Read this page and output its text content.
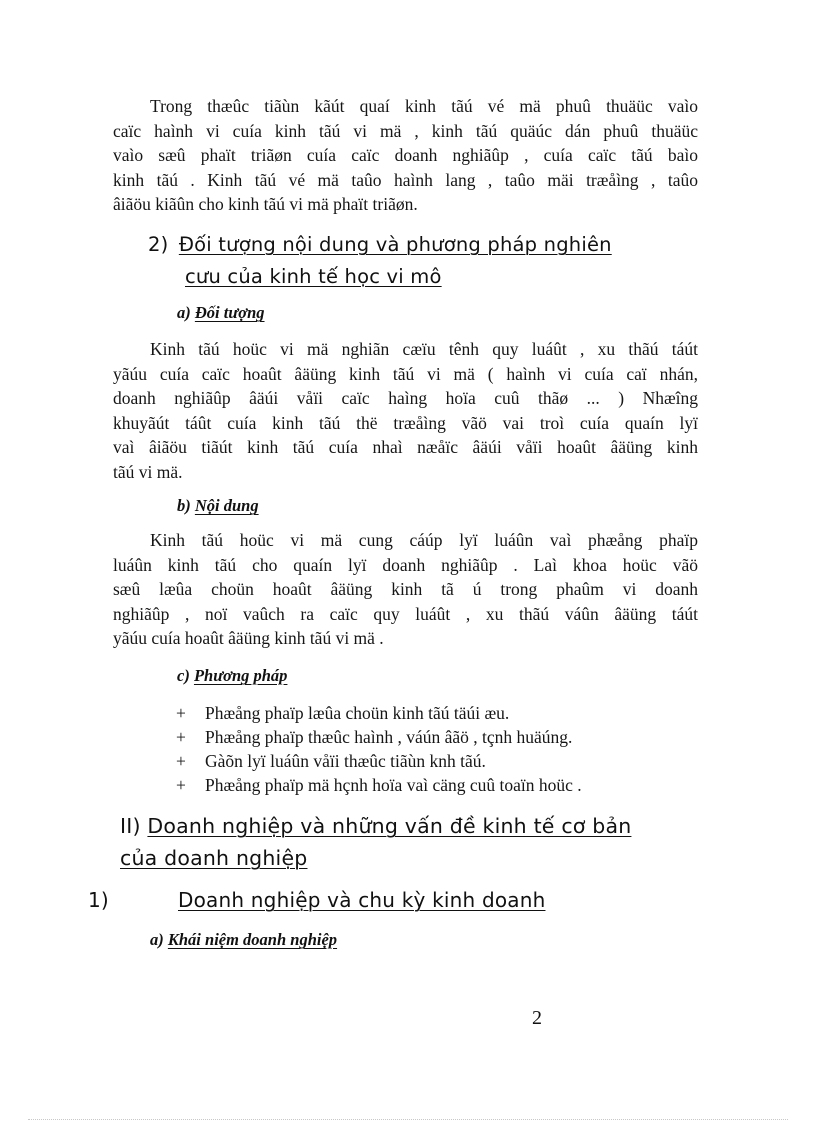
Trong thæûc tiãùn kãút quaí kinh tãú vé mä phuû thuäüc vaìo
caïc haình vi cuía kinh tãú vi mä , kinh tãú quäúc dán phuû thuäüc
vaìo sæû phaït triãøn cuía caïc doanh nghiãûp , cuía caïc tãú baìo
kinh tãú . Kinh tãú vé mä taûo haình lang , taûo mäi træåìng , taûo
âiãöu kiãûn cho kinh tãú vi mä phaït triãøn.
2) Đối tượng nội dung và phương pháp nghiên
cưu của kinh tế học vi mô
a) Đối tượng
Kinh tãú hoüc vi mä nghiãn cæïu tênh quy luáût , xu thãú táút
yãúu cuía caïc hoaût âäüng kinh tãú vi mä ( haình vi cuía caï nhán,
doanh nghiãûp âäúi våïi caïc haìng hoïa cuû thãø ... ) Nhæîng
khuyãút táût cuía kinh tãú thë træåìng vãö vai troì cuía quaín lyï
vaì âiãöu tiãút kinh tãú cuía nhaì næåïc âäúi våïi hoaût âäüng kinh
tãú vi mä.
b) Nội dung
Kinh tãú hoüc vi mä cung cáúp lyï luáûn vaì phæång phaïp
luáûn kinh tãú cho quaín lyï doanh nghiãûp . Laì khoa hoüc vãö
sæû læûa choün hoaût âäüng kinh tã ú trong phaûm vi doanh
nghiãûp , noï vaûch ra caïc quy luáût , xu thãú váûn âäüng táút
yãúu cuía hoaût âäüng kinh tãú vi mä .
c) Phương pháp
+ Phæång phaïp læûa choün kinh tãú täúi æu.
+ Phæång phaïp thæûc haình , váún âãö , tçnh huäúng.
+ Gàõn lyï luáûn våïi thæûc tiãùn knh tãú.
+ Phæång phaïp mä hçnh hoïa vaì cäng cuû toaïn hoüc .
II) Doanh nghiệp và những vấn đề kinh tế cơ bản
của doanh nghiệp
1)	Doanh nghiệp và chu kỳ kinh doanh
a) Khái niệm doanh nghiệp
2
